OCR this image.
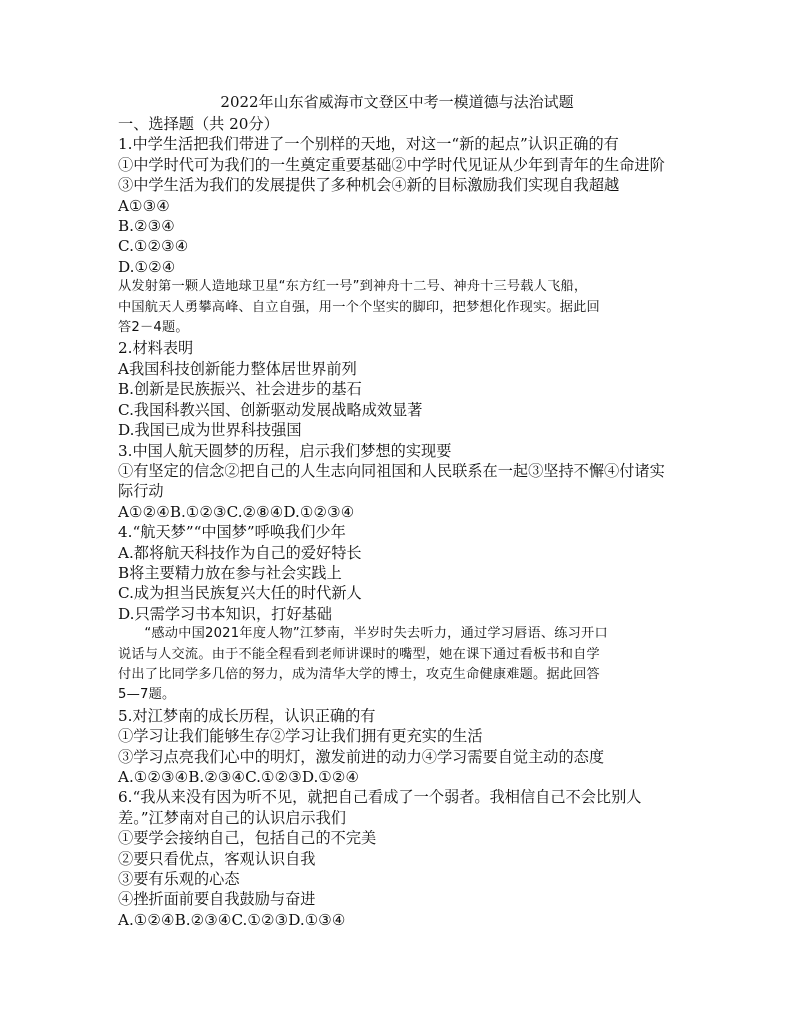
2022年山东省威海市文登区中考一模道德与法治试题

一、选择题（共 20分）

1.中学生活把我们带进了一个别样的天地，对这一“新的起点”认识正确的有

①中学时代可为我们的一生奠定重要基础②中学时代见证从少年到青年的生命进阶

③中学生活为我们的发展提供了多种机会④新的目标激励我们实现自我超越

A①③④

B.②③④

C.①②③④

D.①②④

从发射第一颗人造地球卫星“东方红一号”到神舟十二号、神舟十三号载人飞船，

中国航天人勇攀高峰、自立自强，用一个个坚实的脚印，把梦想化作现实。据此回

答2－4题。

2.材料表明

A我国科技创新能力整体居世界前列

B.创新是民族振兴、社会进步的基石

C.我国科教兴国、创新驱动发展战略成效显著

D.我国已成为世界科技强国

3.中国人航天圆梦的历程，启示我们梦想的实现要

①有坚定的信念②把自己的人生志向同祖国和人民联系在一起③坚持不懈④付诸实

际行动

A①②④B.①②③C.②⑧④D.①②③④

4.“航天梦”“中国梦”呼唤我们少年

A.都将航天科技作为自己的爱好特长

B将主要精力放在参与社会实践上

C.成为担当民族复兴大任的时代新人

D.只需学习书本知识，打好基础

“感动中国2021年度人物”江梦南，半岁时失去听力，通过学习唇语、练习开口

说话与人交流。由于不能全程看到老师讲课时的嘴型，她在课下通过看板书和自学

付出了比同学多几倍的努力，成为清华大学的博士，攻克生命健康难题。据此回答

5—7题。

5.对江梦南的成长历程，认识正确的有

①学习让我们能够生存②学习让我们拥有更充实的生活

③学习点亮我们心中的明灯，激发前进的动力④学习需要自觉主动的态度

A.①②③④B.②③④C.①②③D.①②④

6.“我从来没有因为听不见，就把自己看成了一个弱者。我相信自己不会比别人

差。”江梦南对自己的认识启示我们

①要学会接纳自己，包括自己的不完美

②要只看优点，客观认识自我

③要有乐观的心态

④挫折面前要自我鼓励与奋进

A.①②④B.②③④C.①②③D.①③④
